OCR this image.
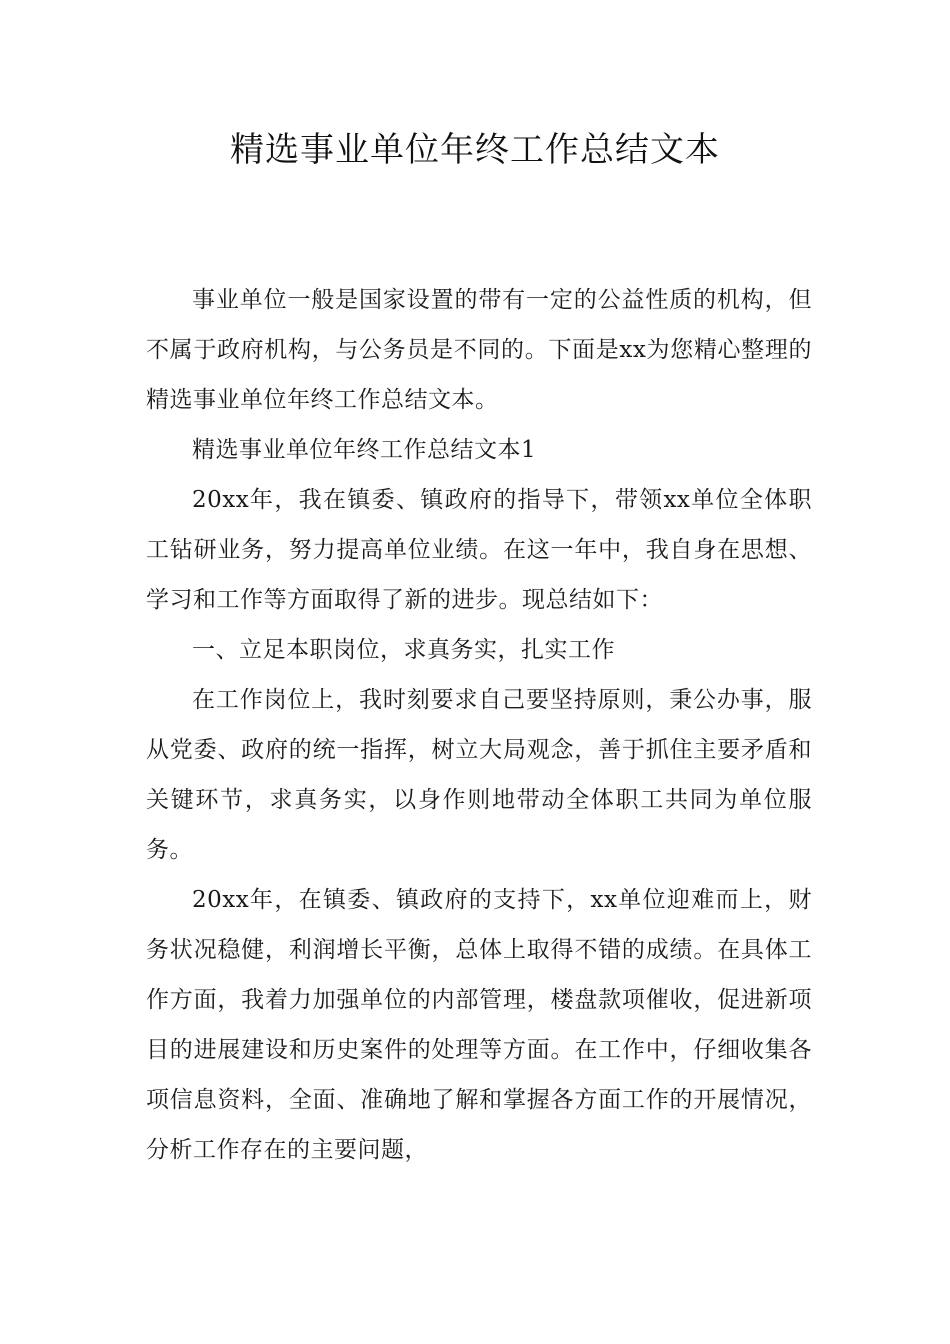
精选事业单位年终工作总结文本

事业单位一般是国家设置的带有一定的公益性质的机构，但不属于政府机构，与公务员是不同的。下面是xx为您精心整理的精选事业单位年终工作总结文本。

精选事业单位年终工作总结文本1

20xx年，我在镇委、镇政府的指导下，带领xx单位全体职工钻研业务，努力提高单位业绩。在这一年中，我自身在思想、学习和工作等方面取得了新的进步。现总结如下：

一、立足本职岗位，求真务实，扎实工作

在工作岗位上，我时刻要求自己要坚持原则，秉公办事，服从党委、政府的统一指挥，树立大局观念，善于抓住主要矛盾和关键环节，求真务实，以身作则地带动全体职工共同为单位服务。

20xx年，在镇委、镇政府的支持下，xx单位迎难而上，财务状况稳健，利润增长平衡，总体上取得不错的成绩。在具体工作方面，我着力加强单位的内部管理，楼盘款项催收，促进新项目的进展建设和历史案件的处理等方面。在工作中，仔细收集各项信息资料，全面、准确地了解和掌握各方面工作的开展情况，分析工作存在的主要问题，
